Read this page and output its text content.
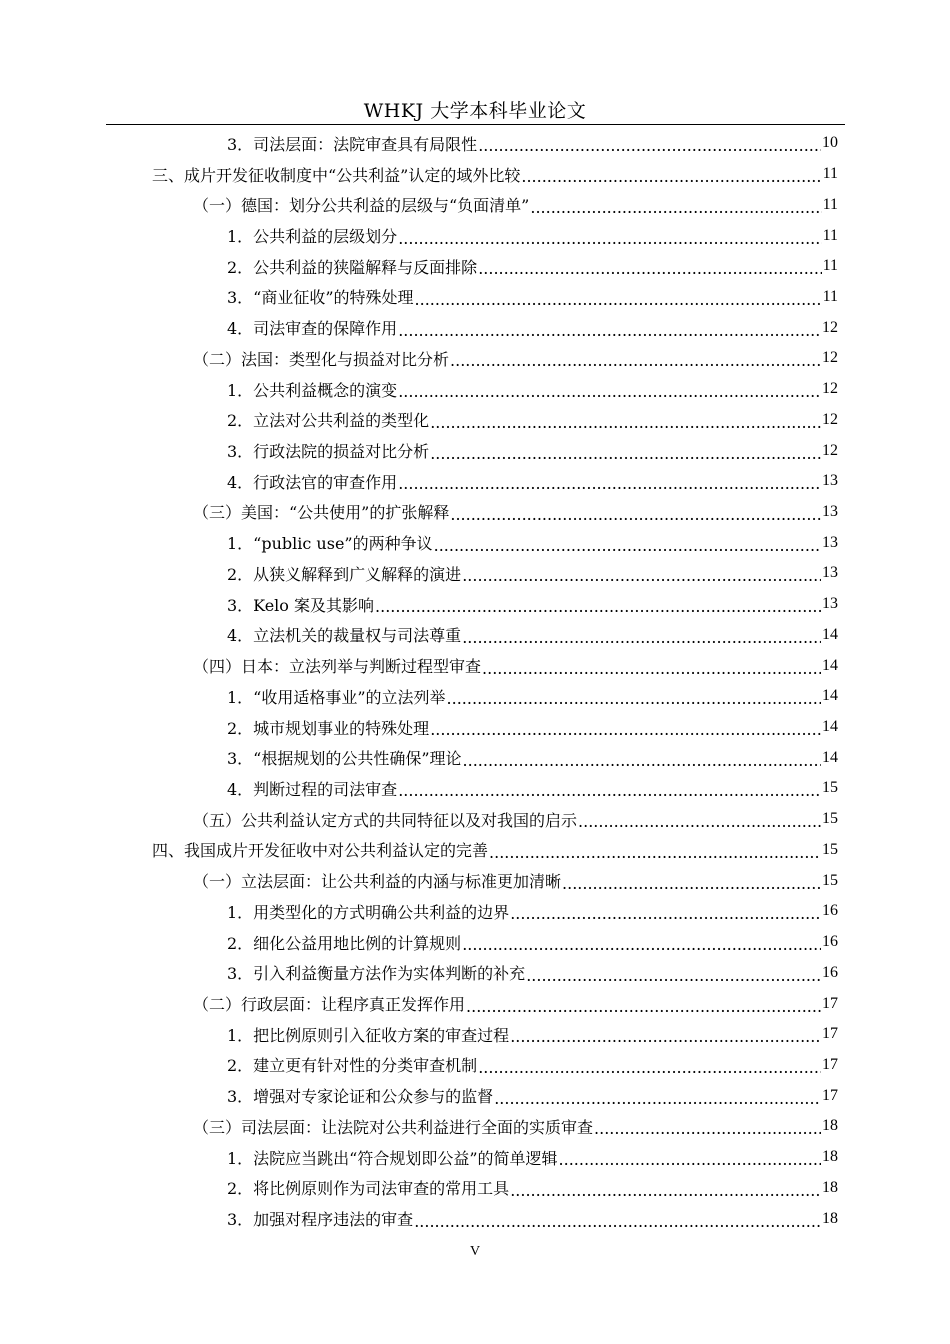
WHKJ 大学本科毕业论文
3．司法层面：法院审查具有局限性 .....	10
三、成片开发征收制度中“公共利益”认定的域外比较 .....	11
（一）德国：划分公共利益的层级与“负面清单” .....	11
1．公共利益的层级划分 .....	11
2．公共利益的狭隘解释与反面排除 .....	11
3．“商业征收”的特殊处理 .....	11
4．司法审查的保障作用 .....	12
（二）法国：类型化与损益对比分析 .....	12
1．公共利益概念的演变 .....	12
2．立法对公共利益的类型化 .....	12
3．行政法院的损益对比分析 .....	12
4．行政法官的审查作用 .....	13
（三）美国：“公共使用”的扩张解释 .....	13
1．“public use”的两种争议 .....	13
2．从狭义解释到广义解释的演进 .....	13
3．Kelo 案及其影响 .....	13
4．立法机关的裁量权与司法尊重 .....	14
（四）日本：立法列举与判断过程型审查 .....	14
1．“收用适格事业”的立法列举 .....	14
2．城市规划事业的特殊处理 .....	14
3．“根据规划的公共性确保”理论 .....	14
4．判断过程的司法审查 .....	15
（五）公共利益认定方式的共同特征以及对我国的启示 .....	15
四、我国成片开发征收中对公共利益认定的完善 .....	15
（一）立法层面：让公共利益的内涵与标准更加清晰 .....	15
1．用类型化的方式明确公共利益的边界 .....	16
2．细化公益用地比例的计算规则 .....	16
3．引入利益衡量方法作为实体判断的补充 .....	16
（二）行政层面：让程序真正发挥作用 .....	17
1．把比例原则引入征收方案的审查过程 .....	17
2．建立更有针对性的分类审查机制 .....	17
3．增强对专家论证和公众参与的监督 .....	17
（三）司法层面：让法院对公共利益进行全面的实质审查 .....	18
1．法院应当跳出“符合规划即公益”的简单逻辑 .....	18
2．将比例原则作为司法审查的常用工具 .....	18
3．加强对程序违法的审查 .....	18
V
